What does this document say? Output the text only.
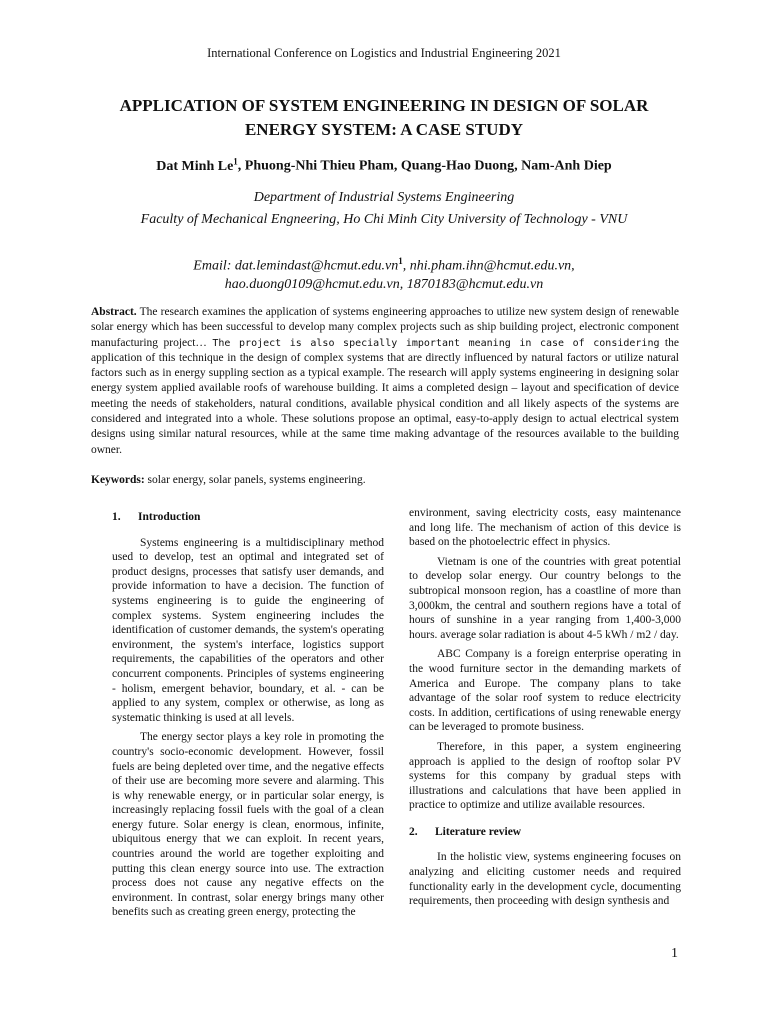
International Conference on Logistics and Industrial Engineering 2021
APPLICATION OF SYSTEM ENGINEERING IN DESIGN OF SOLAR
ENERGY SYSTEM: A CASE STUDY
Dat Minh Le$^1$, Phuong-Nhi Thieu Pham, Quang-Hao Duong, Nam-Anh Diep
Department of Industrial Systems Engineering
Faculty of Mechanical Engneering, Ho Chi Minh City University of Technology - VNU
Email: $dat.lemindast@hcmut.edu.vn^1$, nhi.pham.ihn@hcmut.edu.vn,
hao.duong0109@hcmut.edu.vn, 1870183@hcmut.edu.vn

Abstract. The research examines the application of systems engineering approaches to utilize new system design of renewable solar energy which has been successful to develop many complex projects such as ship building project, electronic component manufacturing project… The project is also specially important meaning in case of considering the application of this technique in the design of complex systems that are directly influenced by natural factors or utilize natural factors such as in energy suppling section as a typical example. The research will apply systems engineering in designing solar energy system applied available roofs of warehouse building. It aims a completed design – layout and specification of device meeting the needs of stakeholders, natural conditions, available physical condition and all likely aspects of the systems are considered and integrated into a whole. These solutions propose an optimal, easy-to-apply design to actual electrical system designs using similar natural resources, while at the same time making advantage of the resources available to the building owner.

Keywords: solar energy, solar panels, systems engineering.

1. Introduction

Systems engineering is a multidisciplinary method used to develop, test an optimal and integrated set of product designs, processes that satisfy user demands, and provide information to have a decision. The function of systems engineering is to guide the engineering of complex systems. System engineering includes the identification of customer demands, the system's operating environment, the system's interface, logistics support requirements, the capabilities of the operators and other concurrent components. Principles of systems engineering - holism, emergent behavior, boundary, et al. - can be applied to any system, complex or otherwise, as long as systematic thinking is used at all levels.

The energy sector plays a key role in promoting the country's socio-economic development. However, fossil fuels are being depleted over time, and the negative effects of their use are becoming more severe and alarming. This is why renewable energy, or in particular solar energy, is increasingly replacing fossil fuels with the goal of a clean energy future. Solar energy is clean, enormous, infinite, ubiquitous energy that we can exploit. In recent years, countries around the world are together exploiting and putting this clean energy source into use. The extraction process does not cause any negative effects on the environment. In contrast, solar energy brings many other benefits such as creating green energy, protecting the

environment, saving electricity costs, easy maintenance and long life. The mechanism of action of this device is based on the photoelectric effect in physics.

Vietnam is one of the countries with great potential to develop solar energy. Our country belongs to the subtropical monsoon region, has a coastline of more than 3,000km, the central and southern regions have a total of hours of sunshine in a year ranging from 1,400-3,000 hours. average solar radiation is about 4-5 kWh / m2 / day.

ABC Company is a foreign enterprise operating in the wood furniture sector in the demanding markets of America and Europe. The company plans to take advantage of the solar roof system to reduce electricity costs. In addition, certifications of using renewable energy can be leveraged to promote business.

Therefore, in this paper, a system engineering approach is applied to the design of rooftop solar PV systems for this company by gradual steps with illustrations and calculations that have been applied in practice to optimize and utilize available resources.

2. Literature review

In the holistic view, systems engineering focuses on analyzing and eliciting customer needs and required functionality early in the development cycle, documenting requirements, then proceeding with design synthesis and

1
